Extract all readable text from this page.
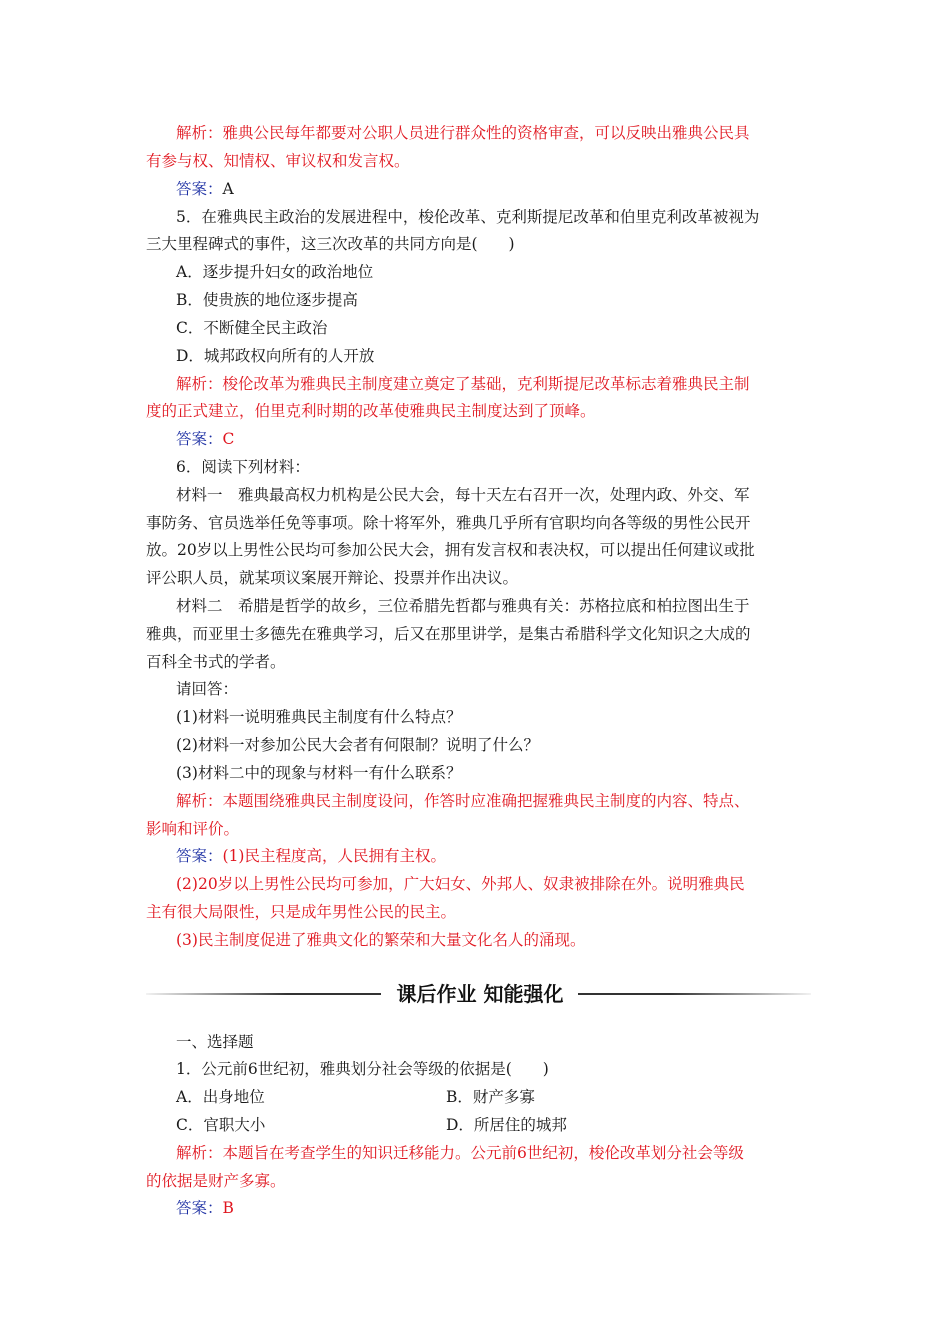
解析：雅典公民每年都要对公职人员进行群众性的资格审查，可以反映出雅典公民具
有参与权、知情权、审议权和发言权。
答案：A
5．在雅典民主政治的发展进程中，梭伦改革、克利斯提尼改革和伯里克利改革被视为
三大里程碑式的事件，这三次改革的共同方向是(　　)
A．逐步提升妇女的政治地位
B．使贵族的地位逐步提高
C．不断健全民主政治
D．城邦政权向所有的人开放
解析：梭伦改革为雅典民主制度建立奠定了基础，克利斯提尼改革标志着雅典民主制
度的正式建立，伯里克利时期的改革使雅典民主制度达到了顶峰。
答案：C
6．阅读下列材料：
材料一　雅典最高权力机构是公民大会，每十天左右召开一次，处理内政、外交、军
事防务、官员选举任免等事项。除十将军外，雅典几乎所有官职均向各等级的男性公民开
放。20岁以上男性公民均可参加公民大会，拥有发言权和表决权，可以提出任何建议或批
评公职人员，就某项议案展开辩论、投票并作出决议。
材料二　希腊是哲学的故乡，三位希腊先哲都与雅典有关：苏格拉底和柏拉图出生于
雅典，而亚里士多德先在雅典学习，后又在那里讲学，是集古希腊科学文化知识之大成的
百科全书式的学者。
请回答：
(1)材料一说明雅典民主制度有什么特点？
(2)材料一对参加公民大会者有何限制？说明了什么？
(3)材料二中的现象与材料一有什么联系？
解析：本题围绕雅典民主制度设问，作答时应准确把握雅典民主制度的内容、特点、
影响和评价。
答案：(1)民主程度高，人民拥有主权。
(2)20岁以上男性公民均可参加，广大妇女、外邦人、奴隶被排除在外。说明雅典民
主有很大局限性，只是成年男性公民的民主。
(3)民主制度促进了雅典文化的繁荣和大量文化名人的涌现。
课后作业 知能强化
一、选择题
1．公元前6世纪初，雅典划分社会等级的依据是(　　)
A．出身地位	B．财产多寡
C．官职大小	D．所居住的城邦
解析：本题旨在考查学生的知识迁移能力。公元前6世纪初，梭伦改革划分社会等级
的依据是财产多寡。
答案：B
